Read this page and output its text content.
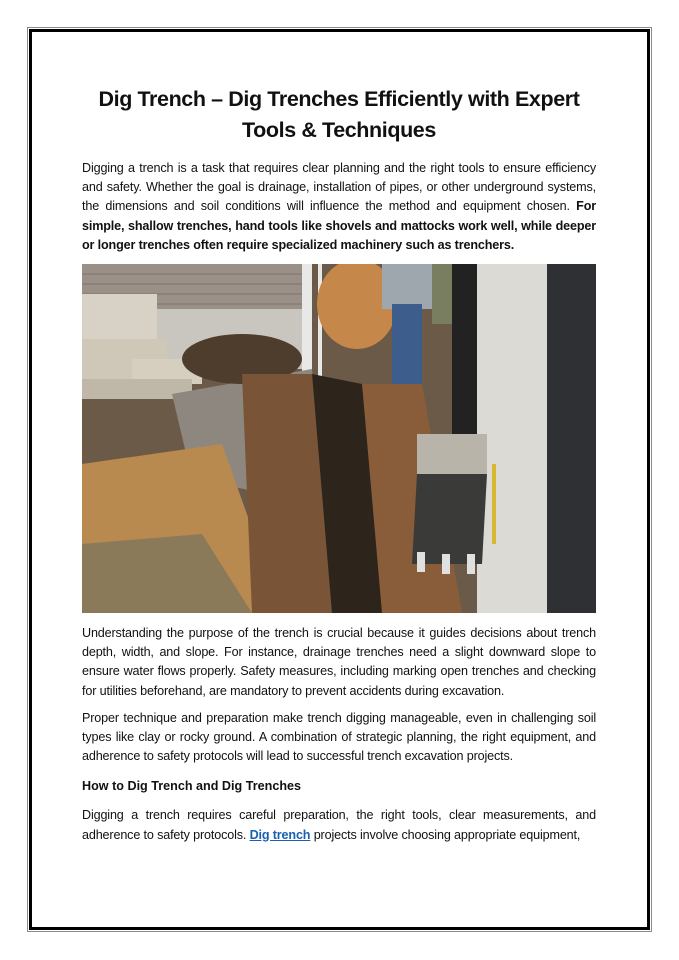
Dig Trench – Dig Trenches Efficiently with Expert Tools & Techniques

Digging a trench is a task that requires clear planning and the right tools to ensure efficiency and safety. Whether the goal is drainage, installation of pipes, or other underground systems, the dimensions and soil conditions will influence the method and equipment chosen. For simple, shallow trenches, hand tools like shovels and mattocks work well, while deeper or longer trenches often require specialized machinery such as trenchers.

Understanding the purpose of the trench is crucial because it guides decisions about trench depth, width, and slope. For instance, drainage trenches need a slight downward slope to ensure water flows properly. Safety measures, including marking open trenches and checking for utilities beforehand, are mandatory to prevent accidents during excavation.

Proper technique and preparation make trench digging manageable, even in challenging soil types like clay or rocky ground. A combination of strategic planning, the right equipment, and adherence to safety protocols will lead to successful trench excavation projects.

How to Dig Trench and Dig Trenches

Digging a trench requires careful preparation, the right tools, clear measurements, and adherence to safety protocols. Dig trench projects involve choosing appropriate equipment,
